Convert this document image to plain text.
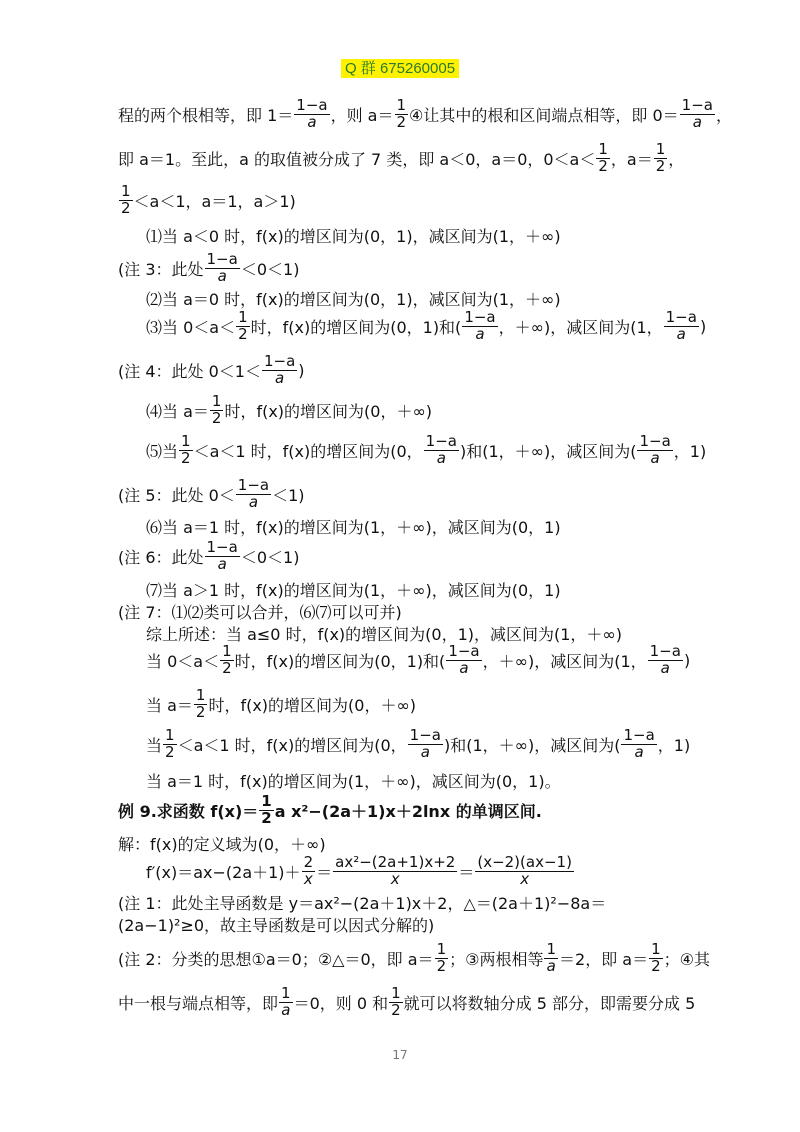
Q 群 675260005
程的两个根相等，即 $1= \frac{1-a}{a}$ ，则 $a= \frac{1}{2}$ ④让其中的根和区间端点相等，即 $0= \frac{1-a}{a}$ ，
即 a＝1。至此，a 的取值被分成了 7 类，即 a＜0，a＝0，$0<a< \frac{1}{2}$ ，$a= \frac{1}{2}$ ，
$\frac{1}{2} <a<1$，a＝1，a＞1)
⑴当 a＜0 时，f(x)的增区间为(0，1)，减区间为(1，＋∞)
(注 3：此处 $\frac{1-a}{a} <0<1$)
⑵当 a＝0 时，f(x)的增区间为(0，1)，减区间为(1，＋∞)
⑶当 $0<a< \frac{1}{2}$ 时，f(x)的增区间为(0，1)和( $\frac{1-a}{a}$ ，＋∞)，减区间为(1， $\frac{1-a}{a}$ )
(注 4：此处 $0<1< \frac{1-a}{a}$ )
⑷当 $a= \frac{1}{2}$ 时，f(x)的增区间为(0，＋∞)
⑸当 $\frac{1}{2} <a<1$ 时，f(x)的增区间为(0， $\frac{1-a}{a}$ )和(1，＋∞)，减区间为( $\frac{1-a}{a}$ ，1)
(注 5：此处 $0< \frac{1-a}{a} <1$)
⑹当 a＝1 时，f(x)的增区间为(1，＋∞)，减区间为(0，1)
(注 6：此处 $\frac{1-a}{a} <0<1$)
⑺当 a＞1 时，f(x)的增区间为(1，＋∞)，减区间为(0，1)
(注 7：⑴⑵类可以合并，⑹⑺可以可并)
综上所述：当 a≤0 时，f(x)的增区间为(0，1)，减区间为(1，＋∞)
当 $0<a< \frac{1}{2}$ 时，f(x)的增区间为(0，1)和( $\frac{1-a}{a}$ ，＋∞)，减区间为(1， $\frac{1-a}{a}$ )
当 $a= \frac{1}{2}$ 时，f(x)的增区间为(0，＋∞)
当 $\frac{1}{2} <a<1$ 时，f(x)的增区间为(0， $\frac{1-a}{a}$ )和(1，＋∞)，减区间为( $\frac{1-a}{a}$ ，1)
当 a＝1 时，f(x)的增区间为(1，＋∞)，减区间为(0，1)。
例 9.求函数 $f(x)= \frac{1}{2}$ a x²−(2a＋1)x＋2lnx 的单调区间.
解：f(x)的定义域为(0，＋∞)
$f'(x)=ax-(2a+1)+ \frac{2}{x} = \frac{\text{ax²−(2a+1)x+2}}{x} = \frac{(x-2)(ax-1)}{x}$
(注 1：此处主导函数是 y＝ax²−(2a＋1)x＋2，△＝(2a＋1)²−8a＝(2a−1)²≥0，故主导函数是可以因式分解的)
(注 2：分类的思想①a＝0；②△＝0，即 $a= \frac{1}{2}$ ；③两根相等 $\frac{1}{a} =2$，即 $a= \frac{1}{2}$ ；④其
中一根与端点相等，即 $\frac{1}{a} =0$，则 0 和 $\frac{1}{2}$ 就可以将数轴分成 5 部分，即需要分成 5
17
